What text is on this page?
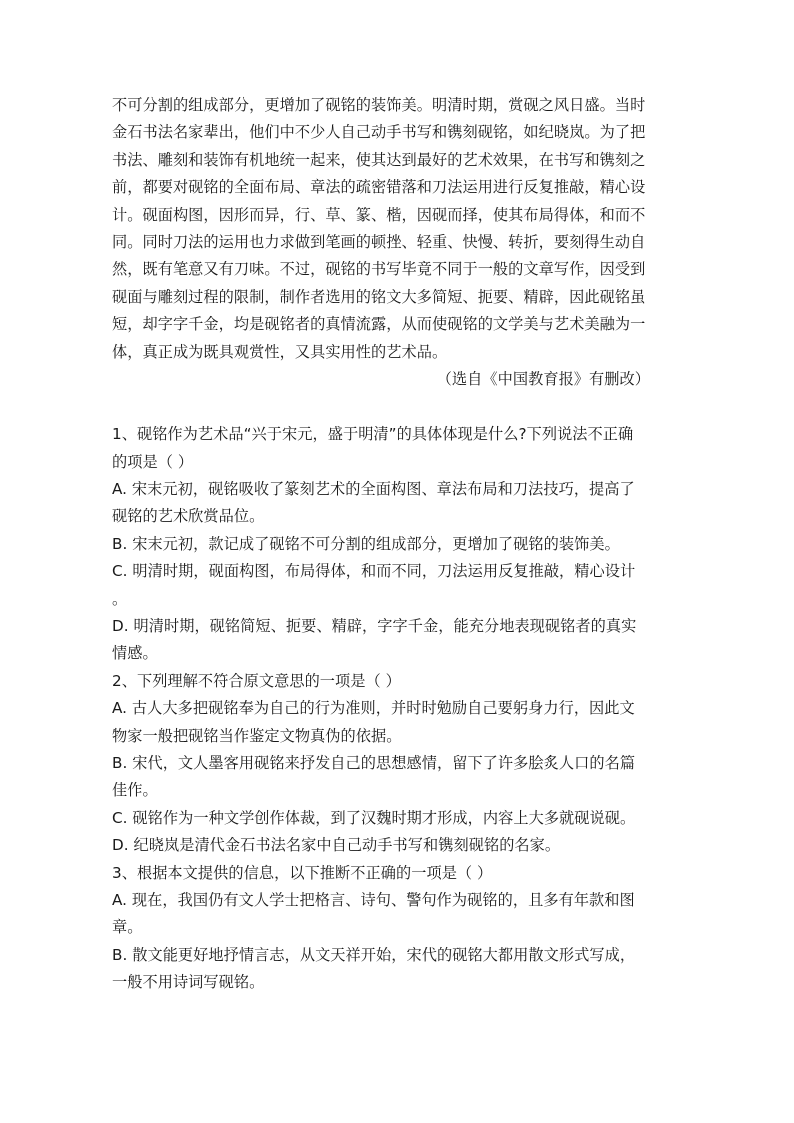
不可分割的组成部分，更增加了砚铭的装饰美。明清时期，赏砚之风日盛。当时
金石书法名家辈出，他们中不少人自己动手书写和镌刻砚铭，如纪晓岚。为了把
书法、雕刻和装饰有机地统一起来，使其达到最好的艺术效果，在书写和镌刻之
前，都要对砚铭的全面布局、章法的疏密错落和刀法运用进行反复推敲，精心设
计。砚面构图，因形而异，行、草、篆、楷，因砚而择，使其布局得体，和而不
同。同时刀法的运用也力求做到笔画的顿挫、轻重、快慢、转折，要刻得生动自
然，既有笔意又有刀味。不过，砚铭的书写毕竟不同于一般的文章写作，因受到
砚面与雕刻过程的限制，制作者选用的铭文大多简短、扼要、精辟，因此砚铭虽
短，却字字千金，均是砚铭者的真情流露，从而使砚铭的文学美与艺术美融为一
体，真正成为既具观赏性，又具实用性的艺术品。
（选自《中国教育报》有删改）
1、砚铭作为艺术品“兴于宋元，盛于明清”的具体体现是什么?下列说法不正确
的项是（ ）
A. 宋末元初，砚铭吸收了篆刻艺术的全面构图、章法布局和刀法技巧，提高了
砚铭的艺术欣赏品位。
B. 宋末元初，款记成了砚铭不可分割的组成部分，更增加了砚铭的装饰美。
C. 明清时期，砚面构图，布局得体，和而不同，刀法运用反复推敲，精心设计
。
D. 明清时期，砚铭简短、扼要、精辟，字字千金，能充分地表现砚铭者的真实
情感。
2、下列理解不符合原文意思的一项是（ ）
A. 古人大多把砚铭奉为自己的行为准则，并时时勉励自己要躬身力行，因此文
物家一般把砚铭当作鉴定文物真伪的依据。
B. 宋代，文人墨客用砚铭来抒发自己的思想感情，留下了许多脍炙人口的名篇
佳作。
C. 砚铭作为一种文学创作体裁，到了汉魏时期才形成，内容上大多就砚说砚。
D. 纪晓岚是清代金石书法名家中自己动手书写和镌刻砚铭的名家。
3、根据本文提供的信息，以下推断不正确的一项是（ ）
A. 现在，我国仍有文人学士把格言、诗句、警句作为砚铭的，且多有年款和图
章。
B. 散文能更好地抒情言志，从文天祥开始，宋代的砚铭大都用散文形式写成，
一般不用诗词写砚铭。
